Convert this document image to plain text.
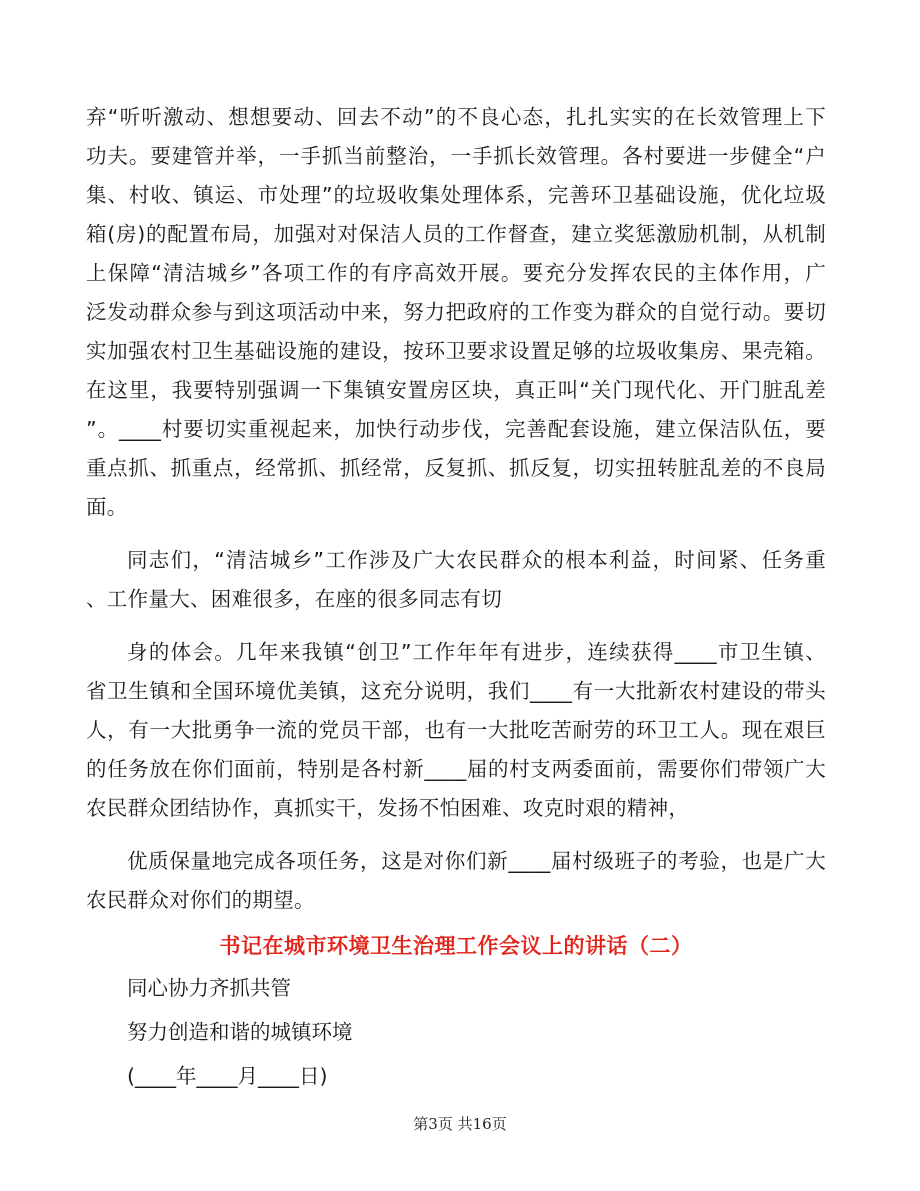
弃“听听激动、想想要动、回去不动”的不良心态，扎扎实实的在长效管理上下
功夫。要建管并举，一手抓当前整治，一手抓长效管理。各村要进一步健全“户
集、村收、镇运、市处理”的垃圾收集处理体系，完善环卫基础设施，优化垃圾
箱(房)的配置布局，加强对对保洁人员的工作督查，建立奖惩激励机制，从机制
上保障“清洁城乡”各项工作的有序高效开展。要充分发挥农民的主体作用，广
泛发动群众参与到这项活动中来，努力把政府的工作变为群众的自觉行动。要切
实加强农村卫生基础设施的建设，按环卫要求设置足够的垃圾收集房、果壳箱。
在这里，我要特别强调一下集镇安置房区块，真正叫“关门现代化、开门脏乱差
”。____村要切实重视起来，加快行动步伐，完善配套设施，建立保洁队伍，要
重点抓、抓重点，经常抓、抓经常，反复抓、抓反复，切实扭转脏乱差的不良局
面。
同志们，“清洁城乡”工作涉及广大农民群众的根本利益，时间紧、任务重
、工作量大、困难很多，在座的很多同志有切
身的体会。几年来我镇“创卫”工作年年有进步，连续获得____市卫生镇、
省卫生镇和全国环境优美镇，这充分说明，我们____有一大批新农村建设的带头
人，有一大批勇争一流的党员干部，也有一大批吃苦耐劳的环卫工人。现在艰巨
的任务放在你们面前，特别是各村新____届的村支两委面前，需要你们带领广大
农民群众团结协作，真抓实干，发扬不怕困难、攻克时艰的精神，
优质保量地完成各项任务，这是对你们新____届村级班子的考验，也是广大
农民群众对你们的期望。
书记在城市环境卫生治理工作会议上的讲话（二）
同心协力齐抓共管
努力创造和谐的城镇环境
(____年____月____日)
第3页 共16页
